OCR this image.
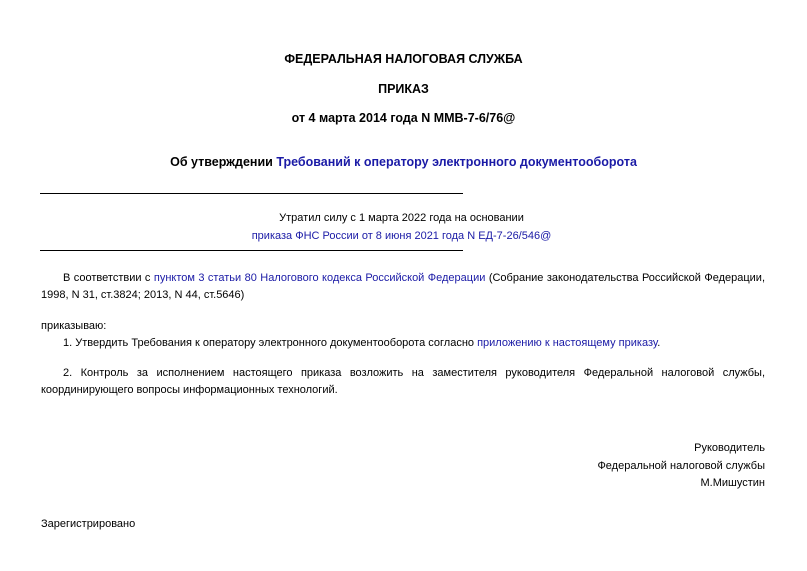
ФЕДЕРАЛЬНАЯ НАЛОГОВАЯ СЛУЖБА
ПРИКАЗ
от 4 марта 2014 года N ММВ-7-6/76@
Об утверждении Требований к оператору электронного документооборота
Утратил силу с 1 марта 2022 года на основании
приказа ФНС России от 8 июня 2021 года N ЕД-7-26/546@
В соответствии с пунктом 3 статьи 80 Налогового кодекса Российской Федерации (Собрание законодательства Российской Федерации, 1998, N 31, ст.3824; 2013, N 44, ст.5646)
приказываю:
1. Утвердить Требования к оператору электронного документооборота согласно приложению к настоящему приказу.
2. Контроль за исполнением настоящего приказа возложить на заместителя руководителя Федеральной налоговой службы, координирующего вопросы информационных технологий.
Руководитель
Федеральной налоговой службы
М.Мишустин
Зарегистрировано
